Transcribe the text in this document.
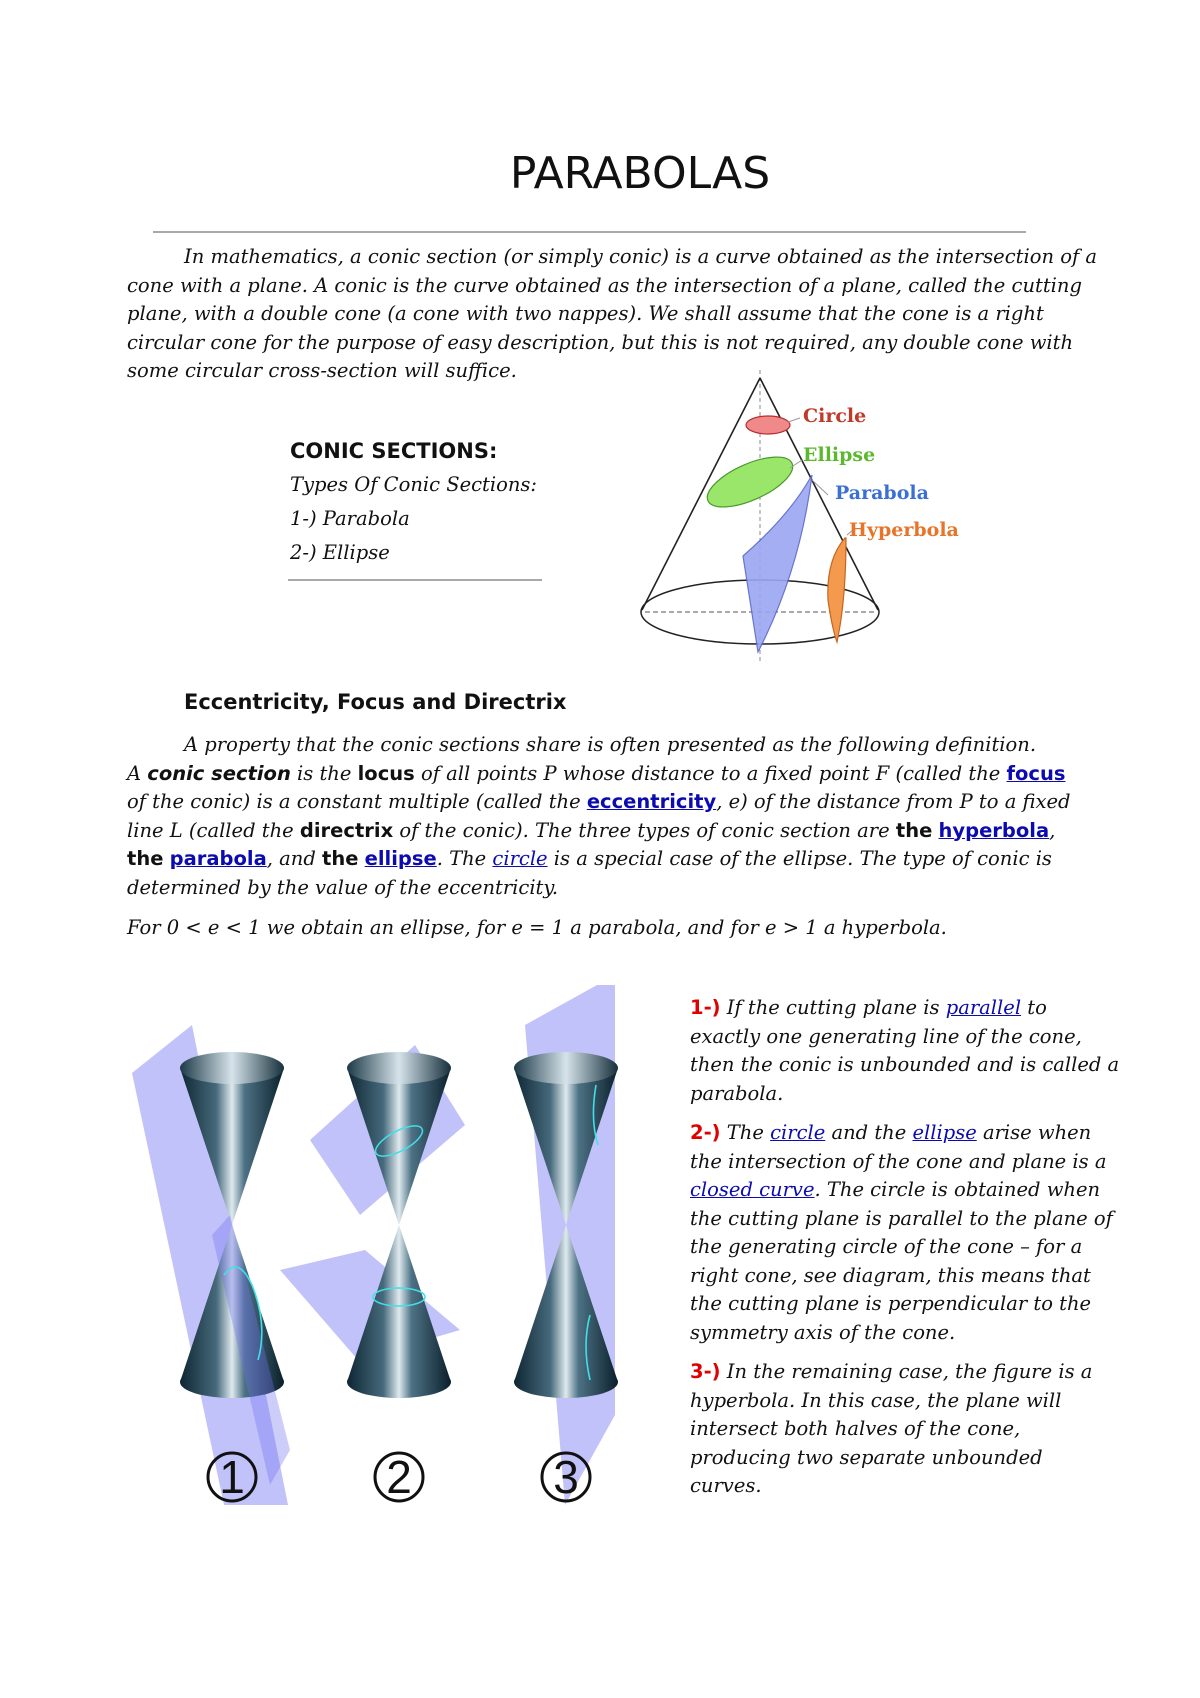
PARABOLAS

In mathematics, a conic section (or simply conic) is a curve obtained as the intersection of a cone with a plane. A conic is the curve obtained as the intersection of a plane, called the cutting plane, with a double cone (a cone with two nappes). We shall assume that the cone is a right circular cone for the purpose of easy description, but this is not required, any double cone with some circular cross-section will suffice.

CONIC SECTIONS:
Types Of Conic Sections:
1-) Parabola
2-) Ellipse
Circle
Ellipse
Parabola
Hyperbola
Eccentricity, Focus and Directrix

A property that the conic sections share is often presented as the following definition.

A conic section is the locus of all points P whose distance to a fixed point F (called the focus of the conic) is a constant multiple (called the eccentricity, e) of the distance from P to a fixed line L (called the directrix of the conic). The three types of conic section are the hyperbola, the parabola, and the ellipse. The circle is a special case of the ellipse. The type of conic is determined by the value of the eccentricity.

For 0 < e < 1 we obtain an ellipse, for e = 1 a parabola, and for e > 1 a hyperbola.

1	2	3

1-) If the cutting plane is parallel to exactly one generating line of the cone, then the conic is unbounded and is called a parabola.

2-) The circle and the ellipse arise when the intersection of the cone and plane is a closed curve. The circle is obtained when the cutting plane is parallel to the plane of the generating circle of the cone – for a right cone, see diagram, this means that the cutting plane is perpendicular to the symmetry axis of the cone.

3-) In the remaining case, the figure is a hyperbola. In this case, the plane will intersect both halves of the cone, producing two separate unbounded curves.
